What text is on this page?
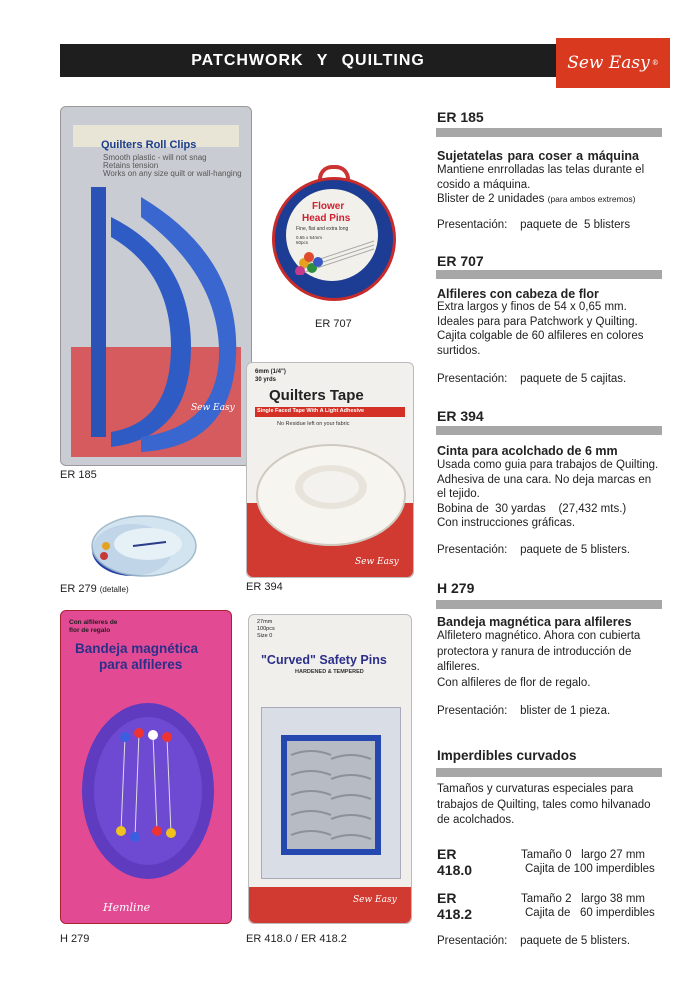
PATCHWORK Y QUILTING	Sew Easy ®
Quilters Roll Clips
Smooth plastic - will not snag
Retains tension
Works on any size quilt or wall-hanging
Sew Easy
ER 185
Flower
Head Pins
Fine, flat and extra long
0.65 x 54mm
60pcs
ER 707
ER 279 (detalle)
6mm (1/4")
30 yrds
Quilters Tape
Single Faced Tape With A Light Adhesive
No Residue left on your fabric
Sew Easy
ER 394
Con alfileres de
flor de regalo
Bandeja magnética
para alfileres
Hemline
H 279
27mm
100pcs
Size 0
"Curved" Safety Pins
HARDENED & TEMPERED
Sew Easy
ER 418.0 / ER 418.2
ER 185
Sujetatelas para coser a máquina
Mantiene enrrolladas las telas durante el
cosido a máquina.
Blister de 2 unidades (para ambos extremos)
Presentación:    paquete de  5 blisters
ER 707
Alfileres con cabeza de flor
Extra largos y finos de 54 x 0,65 mm.
Ideales para para Patchwork y Quilting.
Cajita colgable de 60 alfileres en colores
surtidos.
Presentación:    paquete de 5 cajitas.
ER 394
Cinta para acolchado de 6 mm
Usada como guia para trabajos de Quilting.
Adhesiva de una cara. No deja marcas en
el tejido.
Bobina de  30 yardas    (27,432 mts.)
Con instrucciones gráficas.
Presentación:    paquete de 5 blisters.
H 279
Bandeja magnética para alfileres
Alfiletero magnético. Ahora con cubierta
protectora y ranura de introducción de
alfileres.
Con alfileres de flor de regalo.
Presentación:    blister de 1 pieza.
Imperdibles curvados
Tamaños y curvaturas especiales para
trabajos de Quilting, tales como hilvanado
de acolchados.
ER 418.0
Tamaño 0   largo 27 mm
Cajita de 100 imperdibles
ER 418.2
Tamaño 2   largo 38 mm
Cajita de   60 imperdibles
Presentación:    paquete de 5 blisters.
